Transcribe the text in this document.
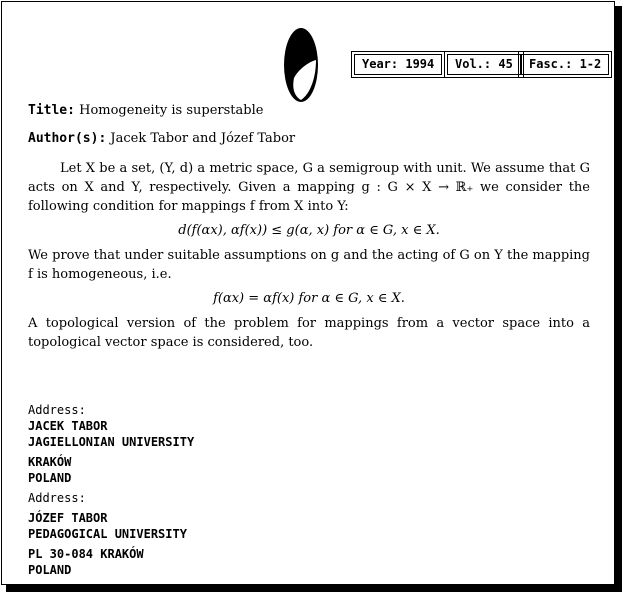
Year: 1994	Vol.: 45	Fasc.: 1-2
Title: Homogeneity is superstable
Author(s): Jacek Tabor and Józef Tabor

Let X be a set, (Y, d) a metric space, G a semigroup with unit. We assume that G acts on X and Y, respectively. Given a mapping g : G × X → ℝ₊ we consider the following condition for mappings f from X into Y:

d(f(αx), αf(x)) ≤ g(α, x) for α ∈ G, x ∈ X.

We prove that under suitable assumptions on g and the acting of G on Y the mapping f is homogeneous, i.e.

f(αx) = αf(x) for α ∈ G, x ∈ X.

A topological version of the problem for mappings from a vector space into a topological vector space is considered, too.

Address:
JACEK TABOR
JAGIELLONIAN UNIVERSITY
KRAKÓW
POLAND
Address:
JÓZEF TABOR
PEDAGOGICAL UNIVERSITY
PL 30-084 KRAKÓW
POLAND
